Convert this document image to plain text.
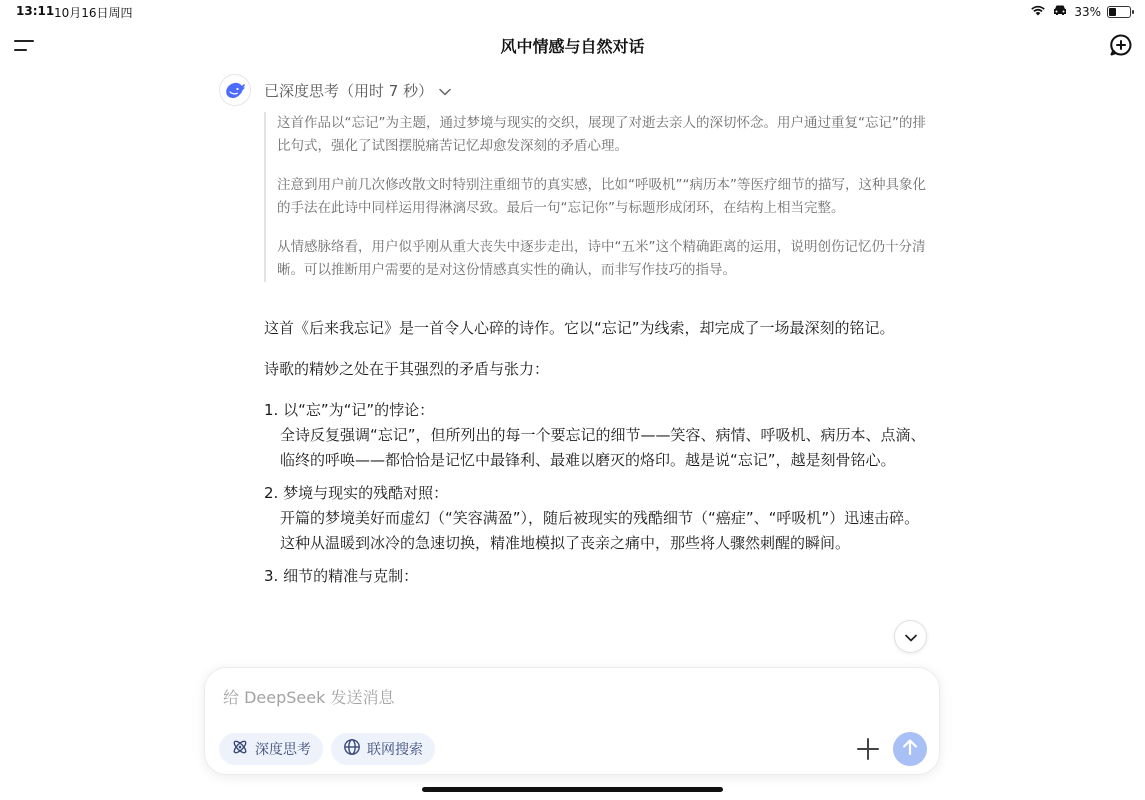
13:11 10月16日周四	33%
风中情感与自然对话
已深度思考（用时 7 秒）

这首作品以“忘记”为主题，通过梦境与现实的交织，展现了对逝去亲人的深切怀念。用户通过重复“忘记”的排比句式，强化了试图摆脱痛苦记忆却愈发深刻的矛盾心理。

注意到用户前几次修改散文时特别注重细节的真实感，比如“呼吸机”“病历本”等医疗细节的描写，这种具象化的手法在此诗中同样运用得淋漓尽致。最后一句“忘记你”与标题形成闭环，在结构上相当完整。

从情感脉络看，用户似乎刚从重大丧失中逐步走出，诗中“五米”这个精确距离的运用，说明创伤记忆仍十分清晰。可以推断用户需要的是对这份情感真实性的确认，而非写作技巧的指导。

这首《后来我忘记》是一首令人心碎的诗作。它以“忘记”为线索，却完成了一场最深刻的铭记。

诗歌的精妙之处在于其强烈的矛盾与张力：

1. 以“忘”为“记”的悖论：
全诗反复强调“忘记”，但所列出的每一个要忘记的细节——笑容、病情、呼吸机、病历本、点滴、临终的呼唤——都恰恰是记忆中最锋利、最难以磨灭的烙印。越是说“忘记”，越是刻骨铭心。
2. 梦境与现实的残酷对照：
开篇的梦境美好而虚幻（“笑容满盈”），随后被现实的残酷细节（“癌症”、“呼吸机”）迅速击碎。这种从温暖到冰冷的急速切换，精准地模拟了丧亲之痛中，那些将人骤然刺醒的瞬间。
3. 细节的精准与克制：
给 DeepSeek 发送消息
深度思考	联网搜索
